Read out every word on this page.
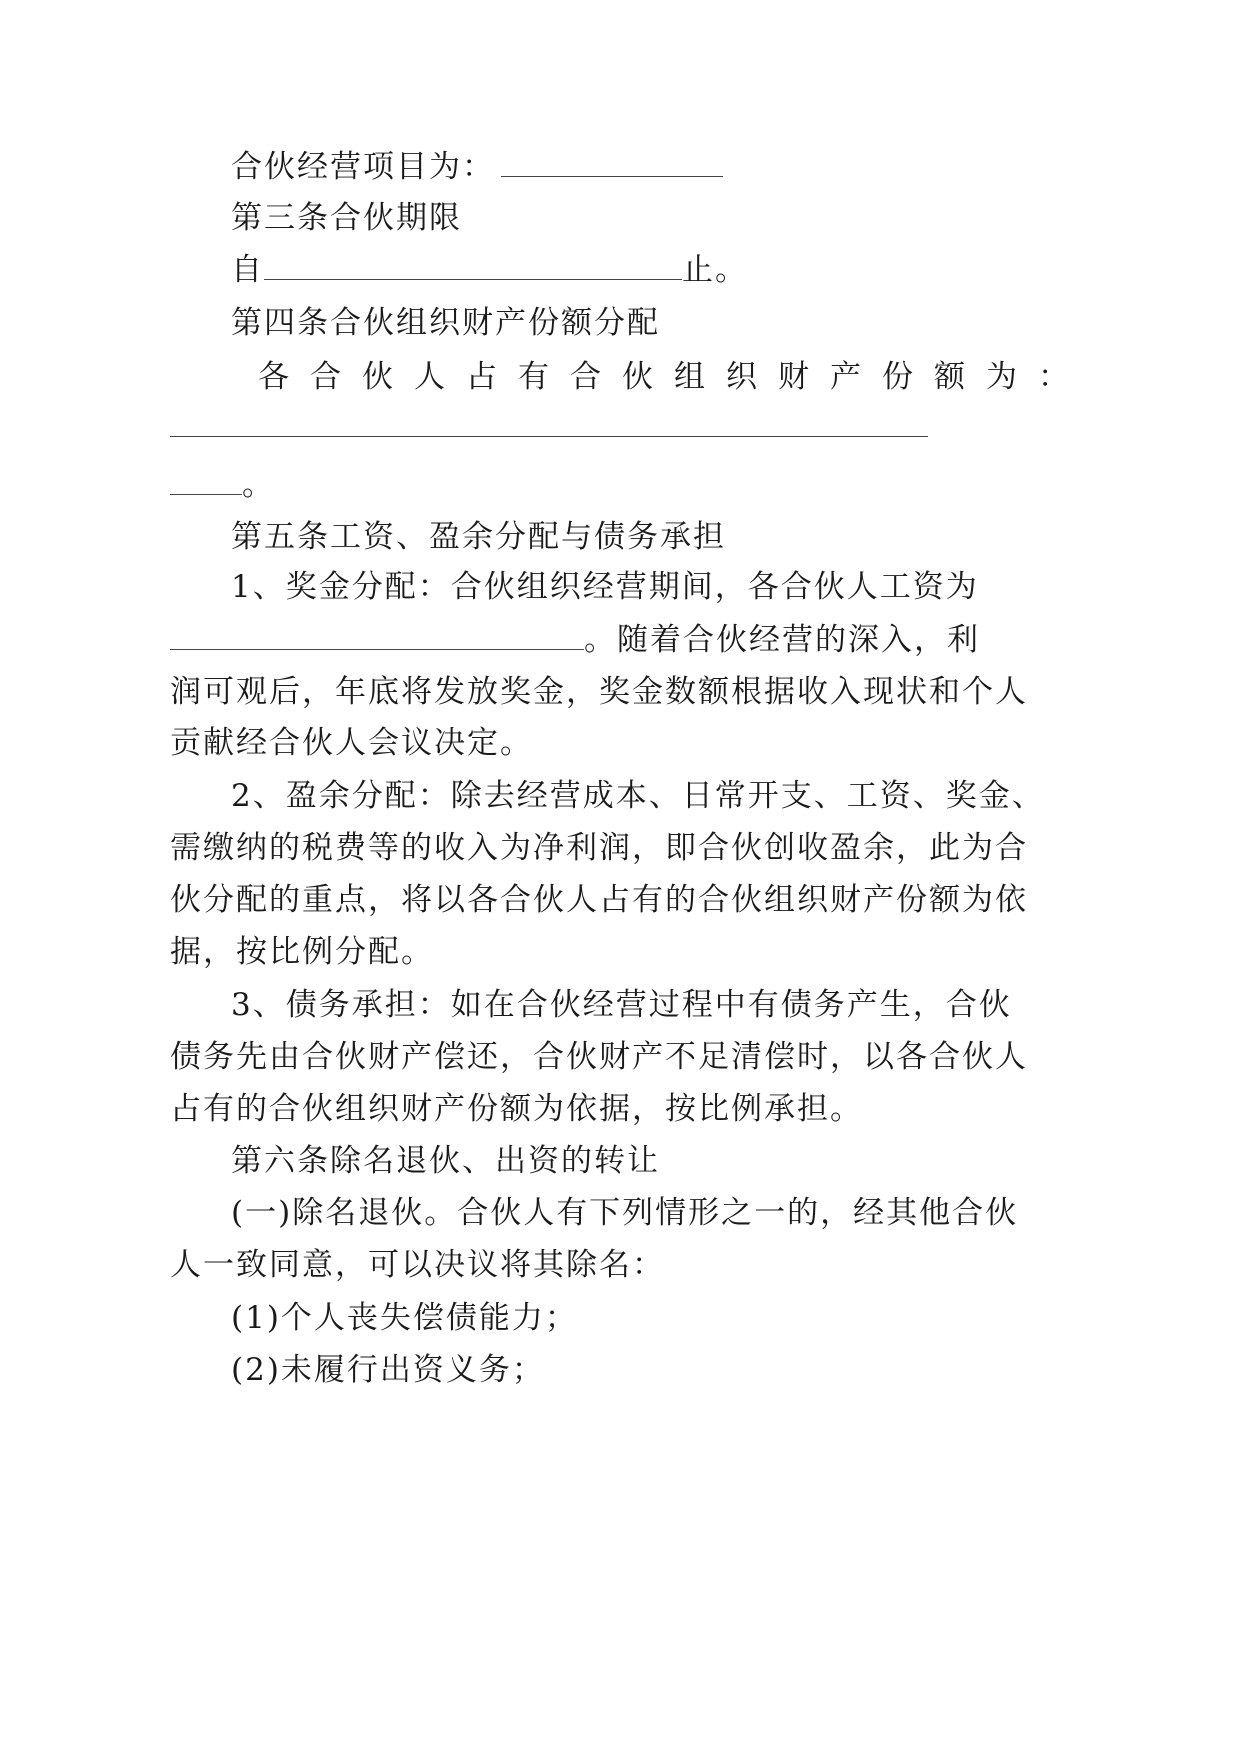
合伙经营项目为：
第三条合伙期限
自	止。
第四条合伙组织财产份额分配
各合伙人占有合伙组织财产份额为：
。
第五条工资、盈余分配与债务承担
1、奖金分配：合伙组织经营期间，各合伙人工资为
。随着合伙经营的深入，利
润可观后，年底将发放奖金，奖金数额根据收入现状和个人
贡献经合伙人会议决定。
2、盈余分配：除去经营成本、日常开支、工资、奖金、
需缴纳的税费等的收入为净利润，即合伙创收盈余，此为合
伙分配的重点，将以各合伙人占有的合伙组织财产份额为依
据，按比例分配。
3、债务承担：如在合伙经营过程中有债务产生，合伙
债务先由合伙财产偿还，合伙财产不足清偿时，以各合伙人
占有的合伙组织财产份额为依据，按比例承担。
第六条除名退伙、出资的转让
(一)除名退伙。合伙人有下列情形之一的，经其他合伙
人一致同意，可以决议将其除名：
(1)个人丧失偿债能力；
(2)未履行出资义务；
